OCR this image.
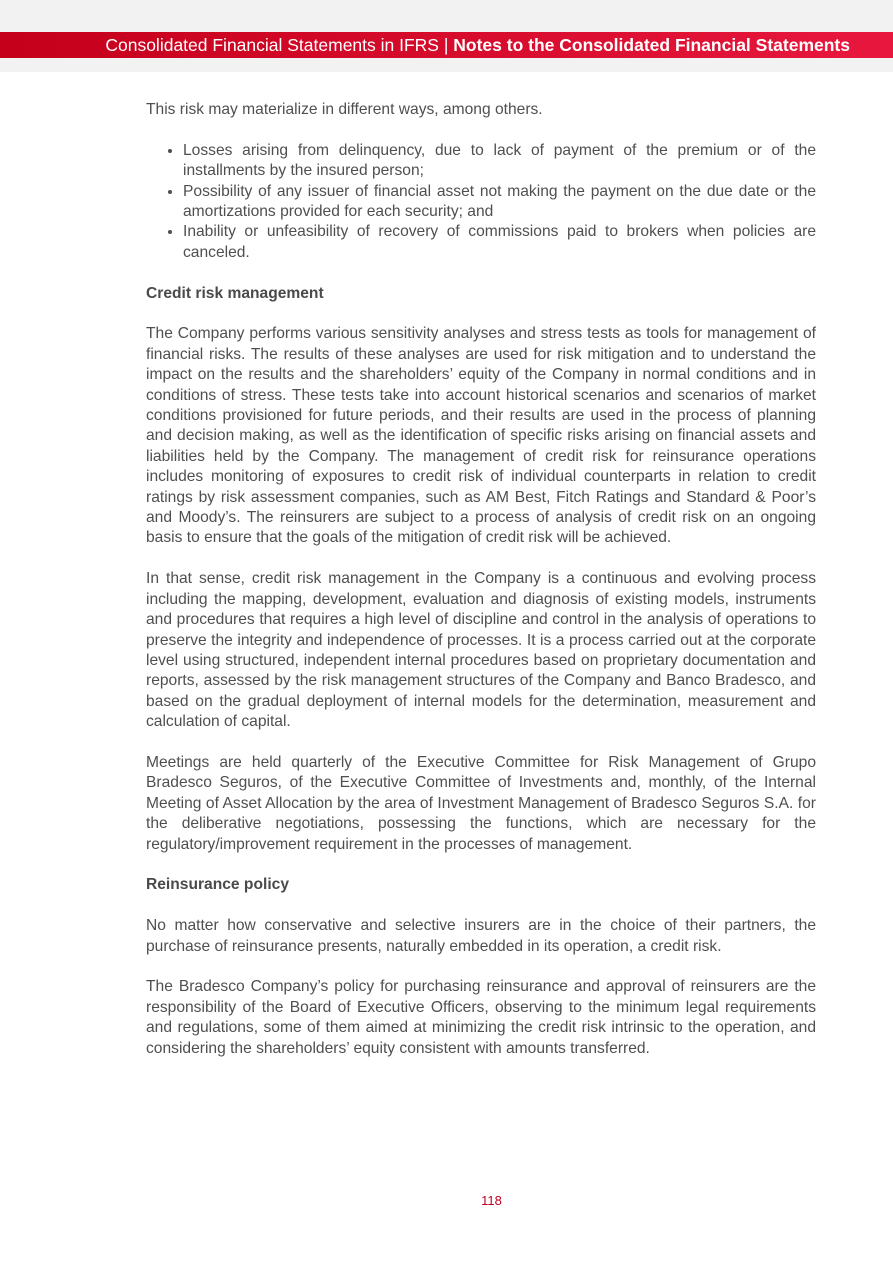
Consolidated Financial Statements in IFRS | Notes to the Consolidated Financial Statements

This risk may materialize in different ways, among others.

• Losses arising from delinquency, due to lack of payment of the premium or of the installments by the insured person;
• Possibility of any issuer of financial asset not making the payment on the due date or the amortizations provided for each security; and
• Inability or unfeasibility of recovery of commissions paid to brokers when policies are canceled.
Credit risk management

The Company performs various sensitivity analyses and stress tests as tools for management of financial risks. The results of these analyses are used for risk mitigation and to understand the impact on the results and the shareholders’ equity of the Company in normal conditions and in conditions of stress. These tests take into account historical scenarios and scenarios of market conditions provisioned for future periods, and their results are used in the process of planning and decision making, as well as the identification of specific risks arising on financial assets and liabilities held by the Company. The management of credit risk for reinsurance operations includes monitoring of exposures to credit risk of individual counterparts in relation to credit ratings by risk assessment companies, such as AM Best, Fitch Ratings and Standard & Poor’s and Moody’s. The reinsurers are subject to a process of analysis of credit risk on an ongoing basis to ensure that the goals of the mitigation of credit risk will be achieved.

In that sense, credit risk management in the Company is a continuous and evolving process including the mapping, development, evaluation and diagnosis of existing models, instruments and procedures that requires a high level of discipline and control in the analysis of operations to preserve the integrity and independence of processes. It is a process carried out at the corporate level using structured, independent internal procedures based on proprietary documentation and reports, assessed by the risk management structures of the Company and Banco Bradesco, and based on the gradual deployment of internal models for the determination, measurement and calculation of capital.

Meetings are held quarterly of the Executive Committee for Risk Management of Grupo Bradesco Seguros, of the Executive Committee of Investments and, monthly, of the Internal Meeting of Asset Allocation by the area of Investment Management of Bradesco Seguros S.A. for the deliberative negotiations, possessing the functions, which are necessary for the regulatory/improvement requirement in the processes of management.

Reinsurance policy

No matter how conservative and selective insurers are in the choice of their partners, the purchase of reinsurance presents, naturally embedded in its operation, a credit risk.

The Bradesco Company’s policy for purchasing reinsurance and approval of reinsurers are the responsibility of the Board of Executive Officers, observing to the minimum legal requirements and regulations, some of them aimed at minimizing the credit risk intrinsic to the operation, and considering the shareholders’ equity consistent with amounts transferred.

118
